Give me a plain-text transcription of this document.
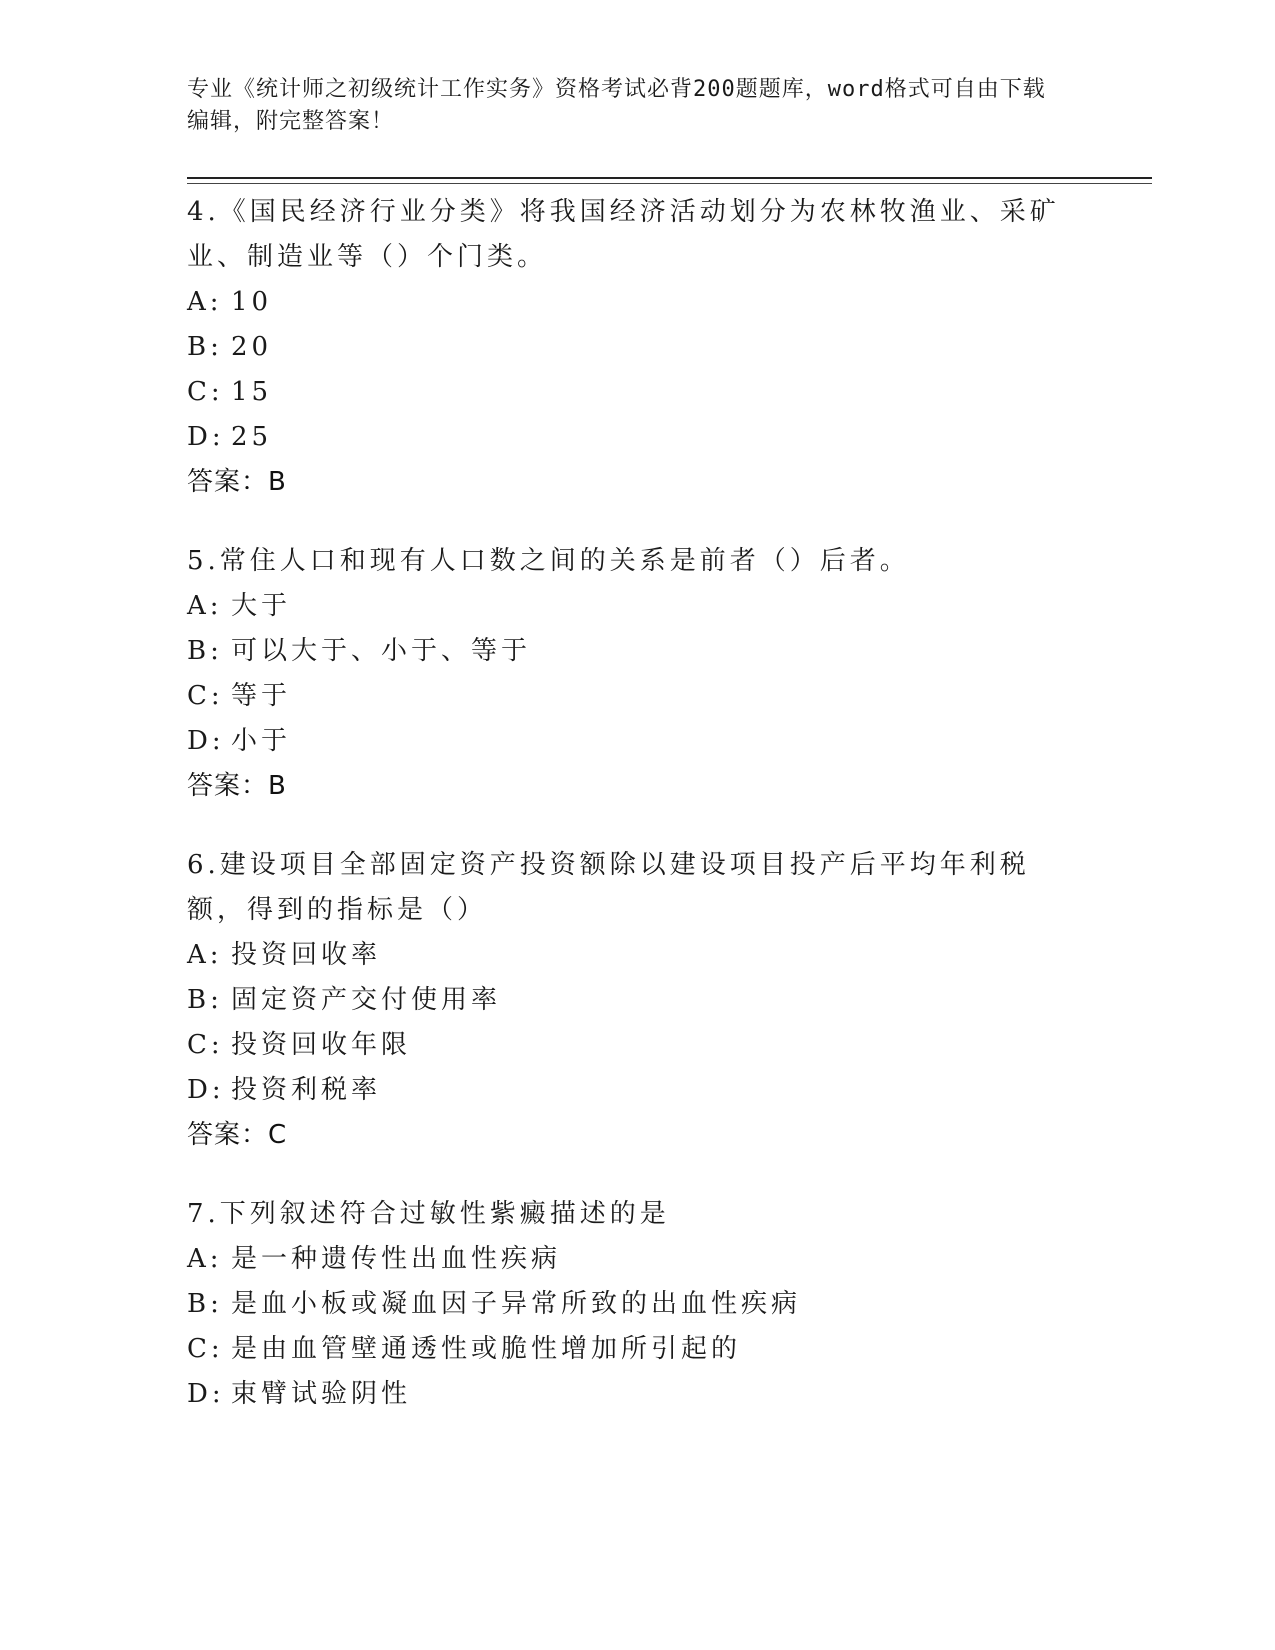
专业《统计师之初级统计工作实务》资格考试必背200题题库，word格式可自由下载编辑，附完整答案！

4.《国民经济行业分类》将我国经济活动划分为农林牧渔业、采矿业、制造业等（）个门类。

A: 10
B: 20
C: 15
D: 25
答案：B

5.常住人口和现有人口数之间的关系是前者（）后者。

A: 大于
B: 可以大于、小于、等于
C: 等于
D: 小于
答案：B

6.建设项目全部固定资产投资额除以建设项目投产后平均年利税额，得到的指标是（）

A: 投资回收率
B: 固定资产交付使用率
C: 投资回收年限
D: 投资利税率
答案：C

7.下列叙述符合过敏性紫癜描述的是

A: 是一种遗传性出血性疾病
B: 是血小板或凝血因子异常所致的出血性疾病
C: 是由血管壁通透性或脆性增加所引起的
D: 束臂试验阴性
